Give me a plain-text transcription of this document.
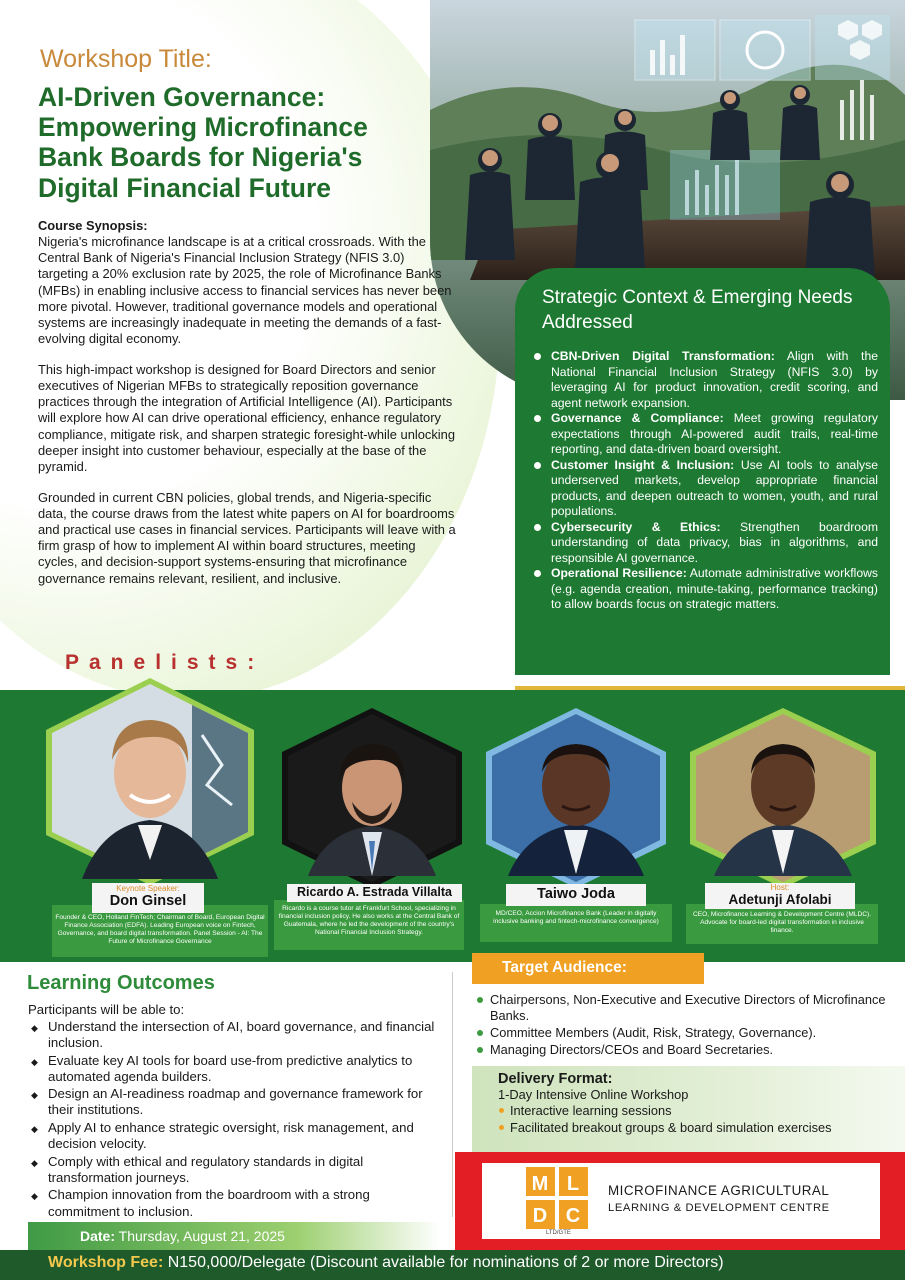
Workshop Title:
AI-Driven Governance: Empowering Microfinance Bank Boards for Nigeria's Digital Financial Future
Course Synopsis:

Nigeria's microfinance landscape is at a critical crossroads. With the Central Bank of Nigeria's Financial Inclusion Strategy (NFIS 3.0) targeting a 20% exclusion rate by 2025, the role of Microfinance Banks (MFBs) in enabling inclusive access to financial services has never been more pivotal. However, traditional governance models and operational systems are increasingly inadequate in meeting the demands of a fast-evolving digital economy.

This high-impact workshop is designed for Board Directors and senior executives of Nigerian MFBs to strategically reposition governance practices through the integration of Artificial Intelligence (AI). Participants will explore how AI can drive operational efficiency, enhance regulatory compliance, mitigate risk, and sharpen strategic foresight-while unlocking deeper insight into customer behaviour, especially at the base of the pyramid.

Grounded in current CBN policies, global trends, and Nigeria-specific data, the course draws from the latest white papers on AI for boardrooms and practical use cases in financial services. Participants will leave with a firm grasp of how to implement AI within board structures, meeting cycles, and decision-support systems-ensuring that microfinance governance remains relevant, resilient, and inclusive.

Strategic Context & Emerging Needs Addressed
CBN-Driven Digital Transformation: Align with the National Financial Inclusion Strategy (NFIS 3.0) by leveraging AI for product innovation, credit scoring, and agent network expansion.
Governance & Compliance: Meet growing regulatory expectations through AI-powered audit trails, real-time reporting, and data-driven board oversight.
Customer Insight & Inclusion: Use AI tools to analyse underserved markets, develop appropriate financial products, and deepen outreach to women, youth, and rural populations.
Cybersecurity & Ethics: Strengthen boardroom understanding of data privacy, bias in algorithms, and responsible AI governance.
Operational Resilience: Automate administrative workflows (e.g. agenda creation, minute-taking, performance tracking) to allow boards focus on strategic matters.
Panelists:
Keynote Speaker:
Don Ginsel
Founder & CEO, Holland FinTech; Chairman of Board, European Digital Finance Association (EDFA). Leading European voice on Fintech, Governance, and board digital transformation. Panel Session - AI: The Future of Microfinance Governance
Ricardo A. Estrada Villalta
Ricardo is a course tutor at Frankfurt School, specializing in financial inclusion policy. He also works at the Central Bank of Guatemala, where he led the development of the country's National Financial Inclusion Strategy.
Taiwo Joda
MD/CEO, Accion Microfinance Bank (Leader in digitally inclusive banking and fintech-microfinance convergence)
Host:
Adetunji Afolabi
CEO, Microfinance Learning & Development Centre (MLDC). Advocate for board-led digital transformation in inclusive finance.
Learning Outcomes
Participants will be able to:
◆ Understand the intersection of AI, board governance, and financial inclusion.
◆ Evaluate key AI tools for board use-from predictive analytics to automated agenda builders.
◆ Design an AI-readiness roadmap and governance framework for their institutions.
◆ Apply AI to enhance strategic oversight, risk management, and decision velocity.
◆ Comply with ethical and regulatory standards in digital transformation journeys.
◆ Champion innovation from the boardroom with a strong commitment to inclusion.
Target Audience:
Chairpersons, Non-Executive and Executive Directors of Microfinance Banks.
Committee Members (Audit, Risk, Strategy, Governance).
Managing Directors/CEOs and Board Secretaries.
Delivery Format:
1-Day Intensive Online Workshop
Interactive learning sessions
Facilitated breakout groups & board simulation exercises
M L
D C
LTD/GTE
MICROFINANCE AGRICULTURAL
LEARNING & DEVELOPMENT CENTRE
Date: Thursday, August 21, 2025
Workshop Fee: N150,000/Delegate (Discount available for nominations of 2 or more Directors)
